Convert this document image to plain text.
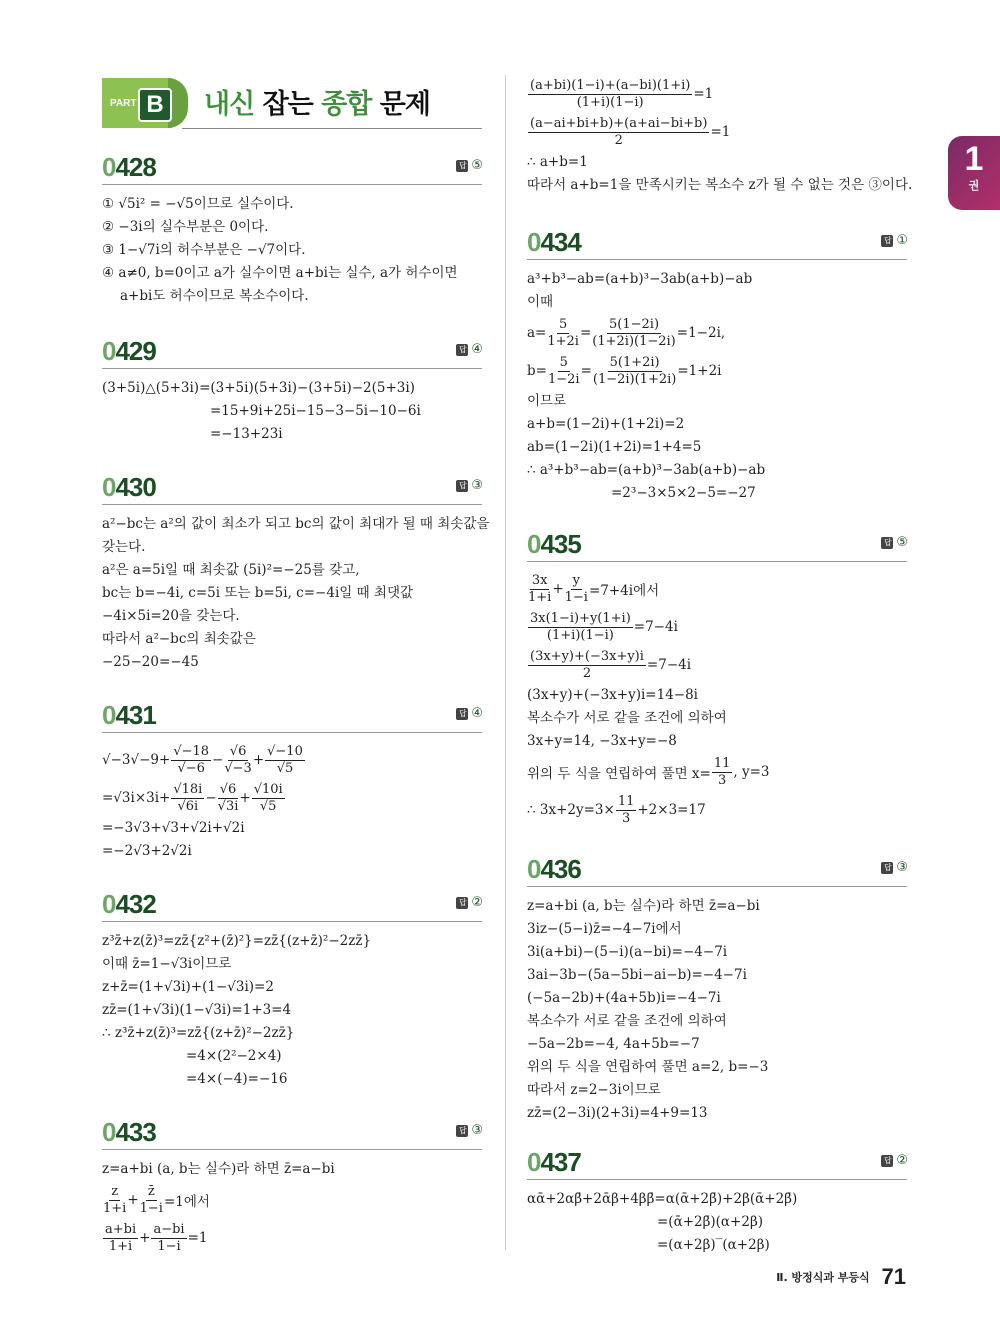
PART B	내신 잡는 종합 문제
1
권
Ⅱ. 방정식과 부등식 71
0428	답 ⑤
① √5i² = −√5이므로 실수이다.
② −3i의 실수부분은 0이다.
③ 1−√7i의 허수부분은 −√7이다.
④ a≠0, b=0이고 a가 실수이면 a+bi는 실수, a가 허수이면
a+bi도 허수이므로 복소수이다.
0429	답 ④
(3+5i)△(5+3i)=(3+5i)(5+3i)−(3+5i)−2(5+3i)
=15+9i+25i−15−3−5i−10−6i
=−13+23i
0430	답 ③
a²−bc는 a²의 값이 최소가 되고 bc의 값이 최대가 될 때 최솟값을
갖는다.
a²은 a=5i일 때 최솟값 (5i)²=−25를 갖고,
bc는 b=−4i, c=5i 또는 b=5i, c=−4i일 때 최댓값
−4i×5i=20을 갖는다.
따라서 a²−bc의 최솟값은
−25−20=−45
0431	답 ④
$√-3√-9+ \frac{√-18}{√-6} - \frac{√6}{√-3} + \frac{√-10}{√5}$
$=√3i\times 3i+ \frac{√18i}{√6i} - \frac{√6}{√3i} + \frac{√10i}{√5}$
=−3√3+√3+√2i+√2i
=−2√3+2√2i
0432	답 ②
z³z̄+z(z̄)³=zz̄{z²+(z̄)²}=zz̄{(z+z̄)²−2zz̄}
이때 z̄=1−√3i이므로
z+z̄=(1+√3i)+(1−√3i)=2
zz̄=(1+√3i)(1−√3i)=1+3=4
∴ z³z̄+z(z̄)³=zz̄{(z+z̄)²−2zz̄}
=4×(2²−2×4)
=4×(−4)=−16
0433	답 ③
z=a+bi (a, b는 실수)라 하면 z̄=a−bi
$\frac{z}{1+i} + \frac{z̄}{1-i} =1$에서
$\frac{a+bi}{1+i} + \frac{a-bi}{1-i} =1$
$\frac{(a+bi)(1-i)+(a-bi)(1+i)}{(1+i)(1-i)} =1$
$\frac{(a-ai+bi+b)+(a+ai-bi+b)}{2} =1$
∴ a+b=1
따라서 a+b=1을 만족시키는 복소수 z가 될 수 없는 것은 ③이다.
0434	답 ①
a³+b³−ab=(a+b)³−3ab(a+b)−ab
이때
$a= \frac{5}{1+2i} = \frac{5(1-2i)}{(1+2i)(1-2i)} =1-2i$,
$b= \frac{5}{1-2i} = \frac{5(1+2i)}{(1-2i)(1+2i)} =1+2i$
이므로
a+b=(1−2i)+(1+2i)=2
ab=(1−2i)(1+2i)=1+4=5
∴ a³+b³−ab=(a+b)³−3ab(a+b)−ab
=2³−3×5×2−5=−27
0435	답 ⑤
$\frac{3x}{1+i} + \frac{y}{1-i} =7+4i$에서
$\frac{3x(1-i)+y(1+i)}{(1+i)(1-i)} =7-4i$
$\frac{(3x+y)+(-3x+y)i}{2} =7-4i$
(3x+y)+(−3x+y)i=14−8i
복소수가 서로 같을 조건에 의하여
3x+y=14, −3x+y=−8
위의 두 식을 연립하여 풀면 $x= \frac{11}{3}$ , y=3
∴ $3x+2y=3\times \frac{11}{3} +2\times 3=17$
0436	답 ③
z=a+bi (a, b는 실수)라 하면 z̄=a−bi
3iz−(5−i)z̄=−4−7i에서
3i(a+bi)−(5−i)(a−bi)=−4−7i
3ai−3b−(5a−5bi−ai−b)=−4−7i
(−5a−2b)+(4a+5b)i=−4−7i
복소수가 서로 같을 조건에 의하여
−5a−2b=−4, 4a+5b=−7
위의 두 식을 연립하여 풀면 a=2, b=−3
따라서 z=2−3i이므로
zz̄=(2−3i)(2+3i)=4+9=13
0437	답 ②
αᾱ+2αβ̄+2ᾱβ+4ββ̄=α(ᾱ+2β̄)+2β(ᾱ+2β̄)
=(ᾱ+2β̄)(α+2β)
=(α+2β)‾(α+2β)
